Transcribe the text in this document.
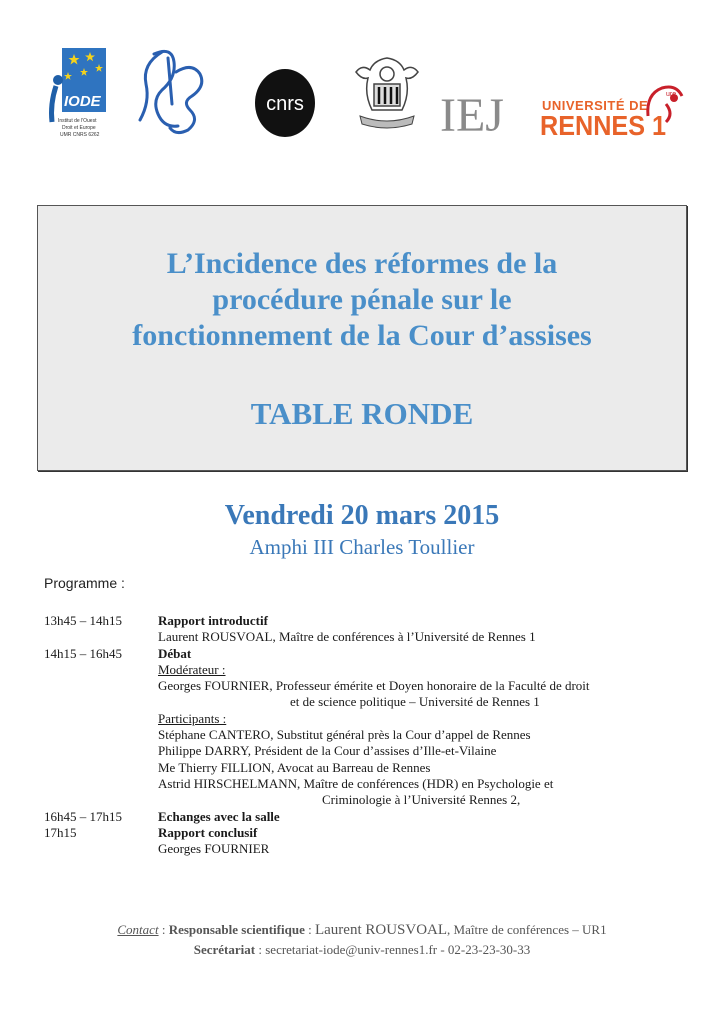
IODE
Institut de l'Ouest
Droit et Europe
UMR CNRS 6262
cnrs	IEJ	UNIVERSITÉ DE
RENNES 1
ure
L’Incidence des réformes de la
procédure pénale sur le
fonctionnement de la Cour d’assises
TABLE RONDE
Vendredi 20 mars 2015
Amphi III Charles Toullier
Programme :
13h45 – 14h15	Rapport introductif
Laurent ROUSVOAL, Maître de conférences à l’Université de Rennes 1
14h15 – 16h45	Débat
Modérateur :
Georges FOURNIER, Professeur émérite et Doyen honoraire de la Faculté de droit
et de science politique – Université de Rennes 1
Participants :
Stéphane CANTERO, Substitut général près la Cour d’appel de Rennes
Philippe DARRY, Président de la Cour d’assises d’Ille-et-Vilaine
Me Thierry FILLION, Avocat au Barreau de Rennes
Astrid HIRSCHELMANN, Maître de conférences (HDR) en Psychologie et
Criminologie à l’Université Rennes 2,
16h45 – 17h15	Echanges avec la salle
17h15	Rapport conclusif
Georges FOURNIER
Contact : Responsable scientifique : Laurent ROUSVOAL, Maître de conférences – UR1
Secrétariat : secretariat-iode@univ-rennes1.fr - 02-23-23-30-33
